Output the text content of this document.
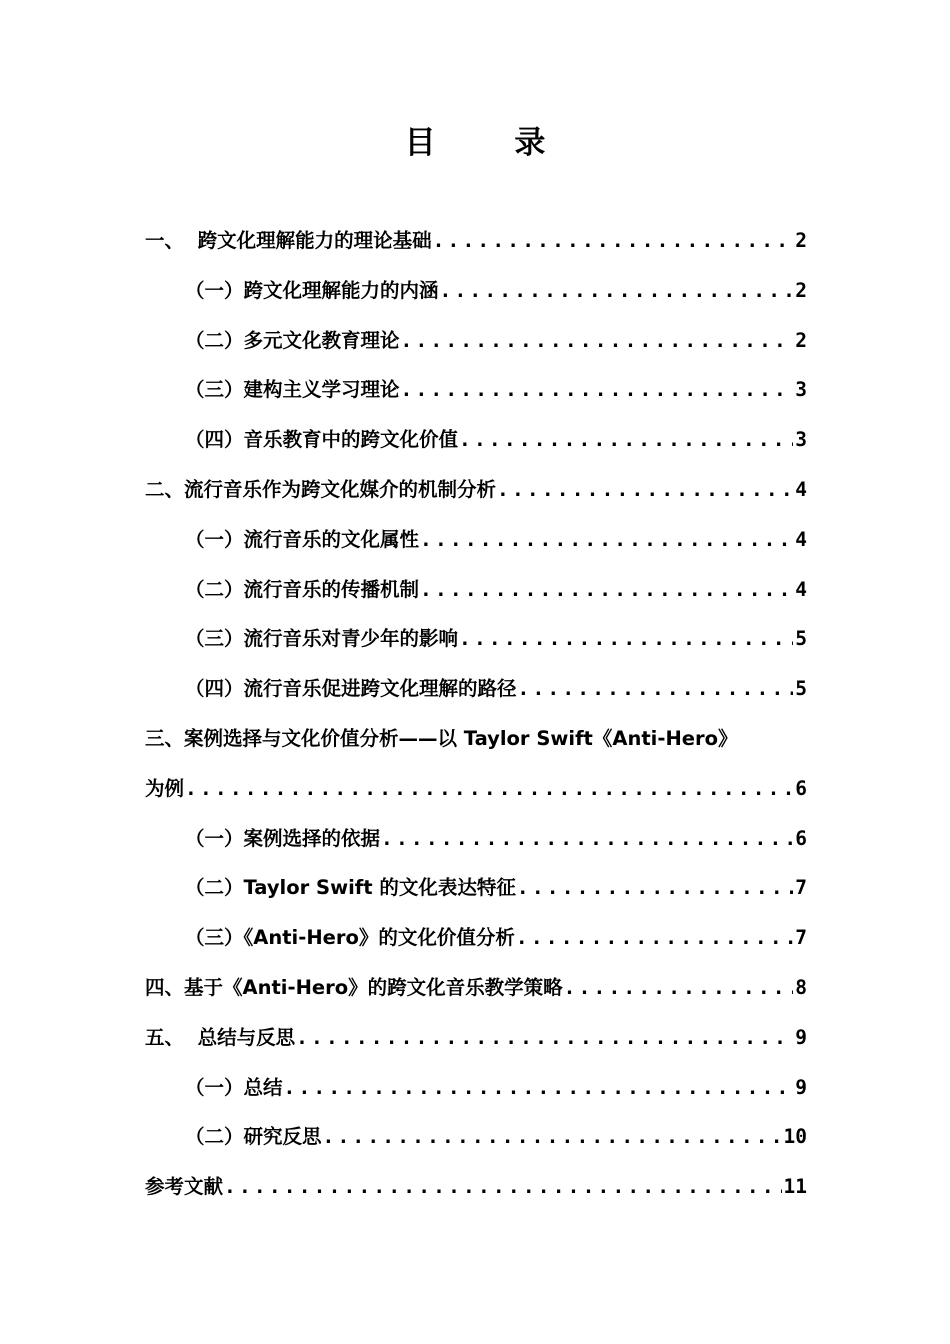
目 录
一、  跨文化理解能力的理论基础 .....	2
（一）跨文化理解能力的内涵 .....	2
（二）多元文化教育理论 .....	2
（三）建构主义学习理论 .....	3
（四）音乐教育中的跨文化价值 .....	3
二、流行音乐作为跨文化媒介的机制分析 .....	4
（一）流行音乐的文化属性 .....	4
（二）流行音乐的传播机制 .....	4
（三）流行音乐对青少年的影响 .....	5
（四）流行音乐促进跨文化理解的路径 .....	5
三、案例选择与文化价值分析——以 Taylor Swift《Anti-Hero》
为例 .....	6
（一）案例选择的依据 .....	6
（二）Taylor Swift 的文化表达特征 .....	7
（三）《Anti-Hero》的文化价值分析 .....	7
四、基于《Anti-Hero》的跨文化音乐教学策略 .....	8
五、  总结与反思 .....	9
（一）总结 .....	9
（二）研究反思 .....	10
参考文献 .....	11
